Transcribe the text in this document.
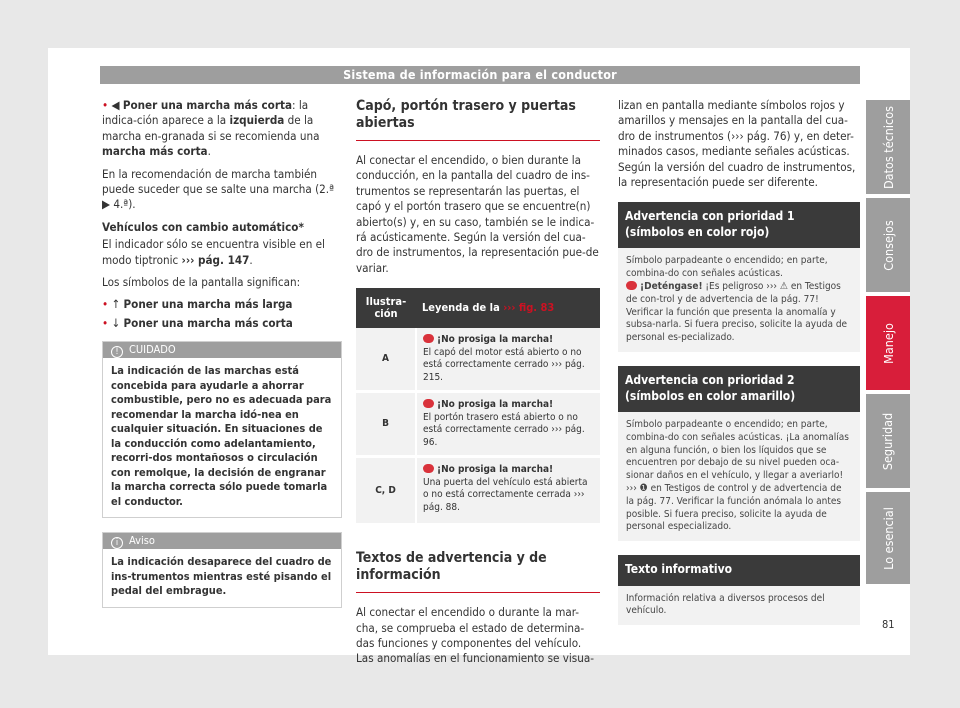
Sistema de información para el conductor

• ◀ Poner una marcha más corta: la indica-ción aparece a la izquierda de la marcha en-granada si se recomienda una marcha más corta.

En la recomendación de marcha también puede suceder que se salte una marcha (2.ª ▶ 4.ª).

Vehículos con cambio automático*

El indicador sólo se encuentra visible en el modo tiptronic ››› pág. 147.

Los símbolos de la pantalla significan:

• ↑ Poner una marcha más larga

• ↓ Poner una marcha más corta

! CUIDADO
La indicación de las marchas está concebida para ayudarle a ahorrar combustible, pero no es adecuada para recomendar la marcha idó-nea en cualquier situación. En situaciones de la conducción como adelantamiento, recorri-dos montañosos o circulación con remolque, la decisión de engranar la marcha correcta sólo puede tomarla el conductor.
i Aviso
La indicación desaparece del cuadro de ins-trumentos mientras esté pisando el pedal del embrague.
Capó, portón trasero y puertas abiertas

Al conectar el encendido, o bien durante la conducción, en la pantalla del cuadro de ins-trumentos se representarán las puertas, el capó y el portón trasero que se encuentre(n) abierto(s) y, en su caso, también se le indica-rá acústicamente. Según la versión del cua-dro de instrumentos, la representación pue-de variar.

Ilustra-ción	Leyenda de la ››› fig. 83
A	¡No prosiga la marcha!
El capó del motor está abierto o no está correctamente cerrado ››› pág. 215.
B	¡No prosiga la marcha!
El portón trasero está abierto o no está correctamente cerrado ››› pág. 96.
C, D	¡No prosiga la marcha!
Una puerta del vehículo está abierta o no está correctamente cerrada ››› pág. 88.
Textos de advertencia y de información

Al conectar el encendido o durante la mar-cha, se comprueba el estado de determina-das funciones y componentes del vehículo. Las anomalías en el funcionamiento se visua-

lizan en pantalla mediante símbolos rojos y amarillos y mensajes en la pantalla del cua-dro de instrumentos (››› pág. 76) y, en deter-minados casos, mediante señales acústicas. Según la versión del cuadro de instrumentos, la representación puede ser diferente.

Advertencia con prioridad 1 (símbolos en color rojo)
Símbolo parpadeante o encendido; en parte, combina-do con señales acústicas.
¡Deténgase! ¡Es peligroso ››› ⚠ en Testigos de con-trol y de advertencia de la pág. 77!
Verificar la función que presenta la anomalía y subsa-narla. Si fuera preciso, solicite la ayuda de personal es-pecializado.
Advertencia con prioridad 2 (símbolos en color amarillo)
Símbolo parpadeante o encendido; en parte, combina-do con señales acústicas. ¡La anomalías en alguna función, o bien los líquidos que se encuentren por debajo de su nivel pueden oca-sionar daños en el vehículo, y llegar a averiarlo! ››› ❶ en Testigos de control y de advertencia de la pág. 77. Verificar la función anómala lo antes posible. Si fuera preciso, solicite la ayuda de personal especializado.
Texto informativo
Información relativa a diversos procesos del vehículo.
Datos técnicos
Consejos
Manejo
Seguridad
Lo esencial
81
